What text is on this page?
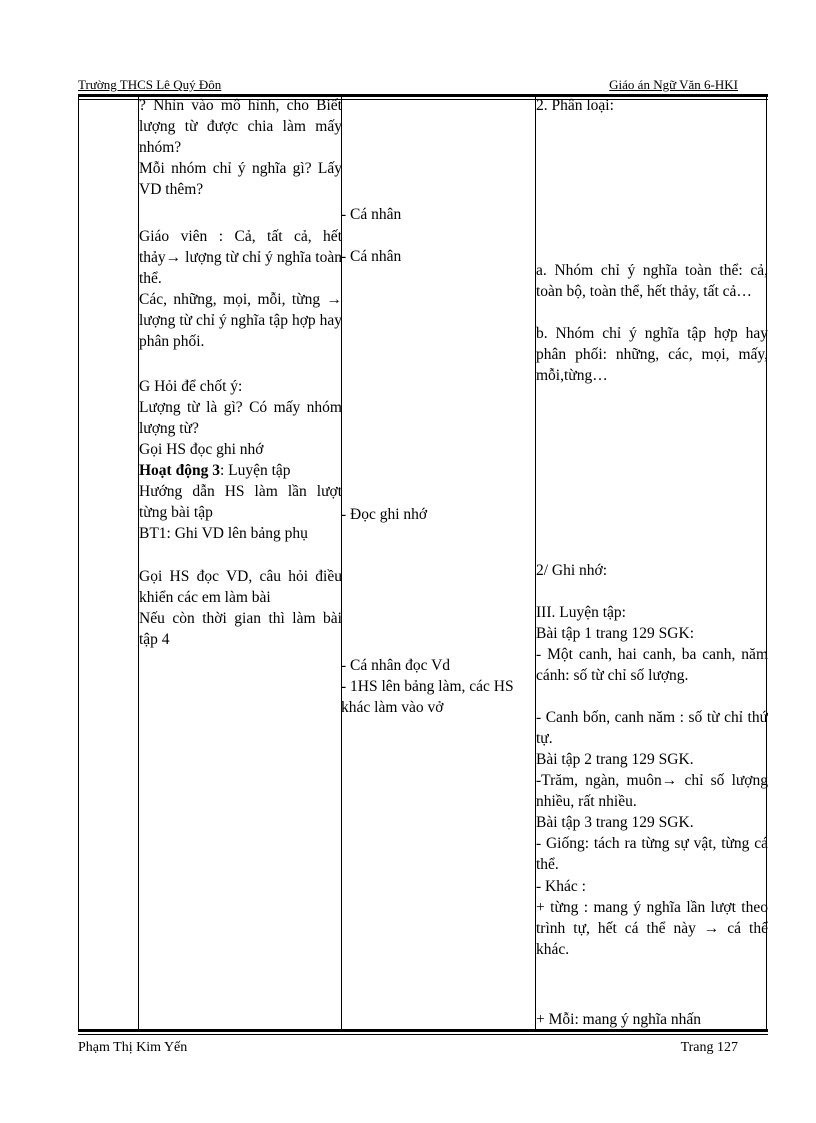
Trường THCS Lê Quý Đôn	Giáo án Ngữ Văn 6-HKI

? Nhìn vào mô hình, cho Biết lượng từ được chia làm mấy nhóm?

Mỗi nhóm chỉ ý nghĩa gì? Lấy VD thêm?

Giáo viên : Cả, tất cả, hết thảy→ lượng từ chỉ ý nghĩa toàn thể.

Các, những, mọi, mỗi, từng → lượng từ chỉ ý nghĩa tập hợp hay phân phối.

G Hỏi để chốt ý:

Lượng từ là gì? Có mấy nhóm lượng từ?

Gọi HS đọc ghi nhớ

Hoạt động 3: Luyện tập

Hướng dẫn HS làm lần lượt từng bài tập

BT1: Ghi VD lên bảng phụ

Gọi HS đọc VD, câu hỏi điều khiển các em làm bài

Nếu còn thời gian thì làm bài tập 4

- Cá nhân

- Cá nhân

- Đọc ghi nhớ

- Cá nhân đọc Vd

- 1HS lên bảng làm, các HS khác làm vào vở

2. Phân loại:

a. Nhóm chỉ ý nghĩa toàn thể: cả, toàn bộ, toàn thể, hết thảy, tất cả…

b. Nhóm chỉ ý nghĩa tập hợp hay phân phối: những, các, mọi, mấy, mỗi,từng…

2/ Ghi nhớ:

III. Luyện tập:

Bài tập 1 trang 129 SGK:

- Một canh, hai canh, ba canh, năm cánh: số từ chỉ số lượng.

- Canh bốn, canh năm : số từ chỉ thứ tự.

Bài tập 2 trang 129 SGK.

-Trăm, ngàn, muôn→ chỉ số lượng nhiều, rất nhiều.

Bài tập 3 trang 129 SGK.

- Giống: tách ra từng sự vật, từng cá thể.

- Khác :

+ từng : mang ý nghĩa lần lượt theo trình tự, hết cá thể này → cá thể khác.

+ Mỗi: mang ý nghĩa nhấn

Phạm Thị Kim Yến	Trang 127
